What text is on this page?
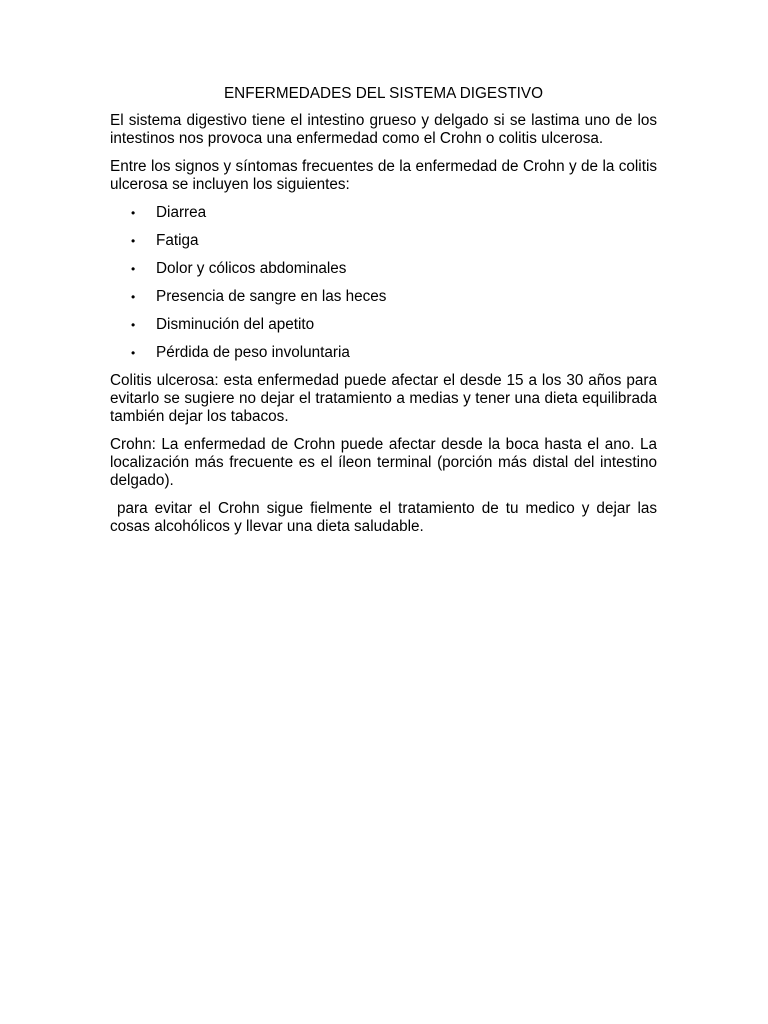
ENFERMEDADES DEL SISTEMA DIGESTIVO

El sistema digestivo tiene el intestino grueso y delgado si se lastima uno de los intestinos nos provoca una enfermedad como el Crohn o colitis ulcerosa.

Entre los signos y síntomas frecuentes de la enfermedad de Crohn y de la colitis ulcerosa se incluyen los siguientes:

• Diarrea
• Fatiga
• Dolor y cólicos abdominales
• Presencia de sangre en las heces
• Disminución del apetito
• Pérdida de peso involuntaria

Colitis ulcerosa: esta enfermedad puede afectar el desde 15 a los 30 años para evitarlo se sugiere no dejar el tratamiento a medias y tener una dieta equilibrada también dejar los tabacos.

Crohn: La enfermedad de Crohn puede afectar desde la boca hasta el ano. La localización más frecuente es el íleon terminal (porción más distal del intestino delgado).

para evitar el Crohn sigue fielmente el tratamiento de tu medico y dejar las cosas alcohólicos y llevar una dieta saludable.
